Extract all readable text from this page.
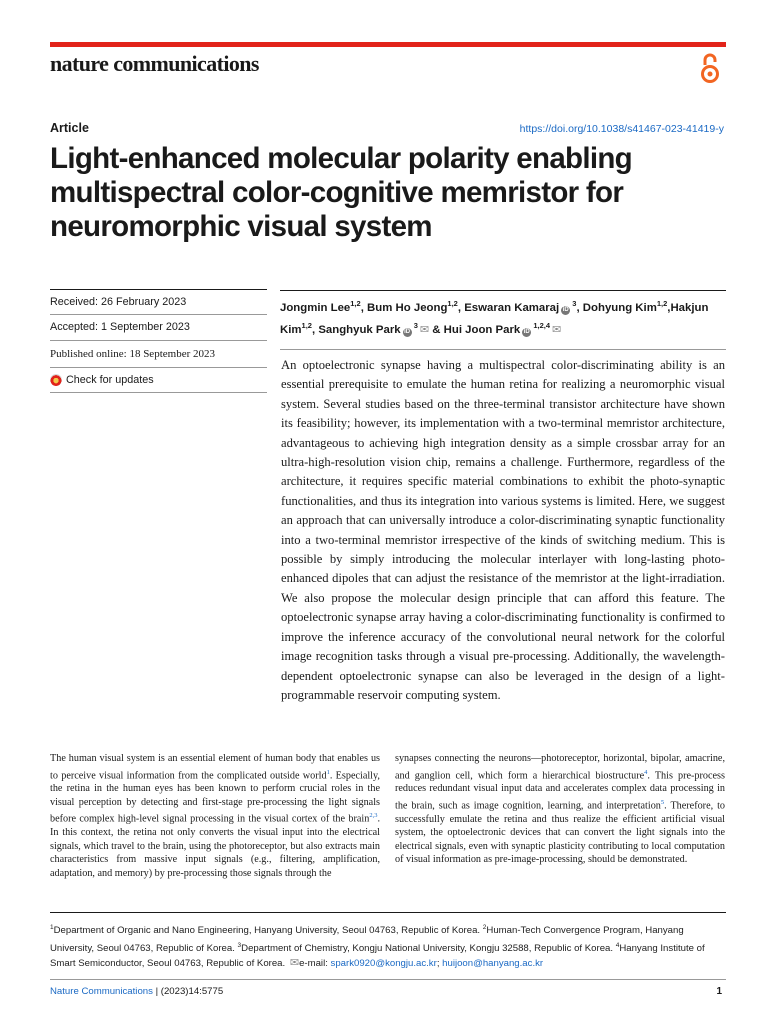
nature communications
Article	https://doi.org/10.1038/s41467-023-41419-y
Light-enhanced molecular polarity enabling multispectral color-cognitive memristor for neuromorphic visual system
Received: 26 February 2023
Accepted: 1 September 2023
Published online: 18 September 2023
Check for updates

Jongmin Lee$^{1,2}$, Bum Ho Jeong$^{1,2}$, Eswaran Kamaraj iD $^3$, Dohyung Kim$^{1,2}$,Hakjun Kim$^{1,2}$, Sanghyuk Park iD $^3$ ✉ & Hui Joon Park iD $^{1,2,4}$ ✉

An optoelectronic synapse having a multispectral color-discriminating ability is an essential prerequisite to emulate the human retina for realizing a neuromorphic visual system. Several studies based on the three-terminal transistor architecture have shown its feasibility; however, its implementation with a two-terminal memristor architecture, advantageous to achieving high integration density as a simple crossbar array for an ultra-high-resolution vision chip, remains a challenge. Furthermore, regardless of the architecture, it requires specific material combinations to exhibit the photo-synaptic functionalities, and thus its integration into various systems is limited. Here, we suggest an approach that can universally introduce a color-discriminating synaptic functionality into a two-terminal memristor irrespective of the kinds of switching medium. This is possible by simply introducing the molecular interlayer with long-lasting photo-enhanced dipoles that can adjust the resistance of the memristor at the light-irradiation. We also propose the molecular design principle that can afford this feature. The optoelectronic synapse array having a color-discriminating functionality is confirmed to improve the inference accuracy of the convolutional neural network for the colorful image recognition tasks through a visual pre-processing. Additionally, the wavelength-dependent optoelectronic synapse can also be leveraged in the design of a light-programmable reservoir computing system.

The human visual system is an essential element of human body that enables us to perceive visual information from the complicated outside world$^1$. Especially, the retina in the human eyes has been known to perform crucial roles in the visual perception by detecting and first-stage pre-processing the light signals before complex high-level signal processing in the visual cortex of the brain$^{2,3}$. In this context, the retina not only converts the visual input into the electrical signals, which travel to the brain, using the photoreceptor, but also extracts main characteristics from massive input signals (e.g., filtering, amplification, adaptation, and memory) by pre-processing those signals through the

synapses connecting the neurons—photoreceptor, horizontal, bipolar, amacrine, and ganglion cell, which form a hierarchical biostructure$^4$. This pre-process reduces redundant visual input data and accelerates complex data processing in the brain, such as image cognition, learning, and interpretation$^5$. Therefore, to successfully emulate the retina and thus realize the efficient artificial visual system, the optoelectronic devices that can convert the light signals into the electrical signals, even with synaptic plasticity contributing to local computation of visual information as pre-image-processing, should be demonstrated.

$^1$Department of Organic and Nano Engineering, Hanyang University, Seoul 04763, Republic of Korea. $^2$Human-Tech Convergence Program, Hanyang University, Seoul 04763, Republic of Korea. $^3$Department of Chemistry, Kongju National University, Kongju 32588, Republic of Korea. $^4$Hanyang Institute of Smart Semiconductor, Seoul 04763, Republic of Korea. ✉e-mail: spark0920@kongju.ac.kr; huijoon@hanyang.ac.kr

Nature Communications | (2023)14:5775	1
